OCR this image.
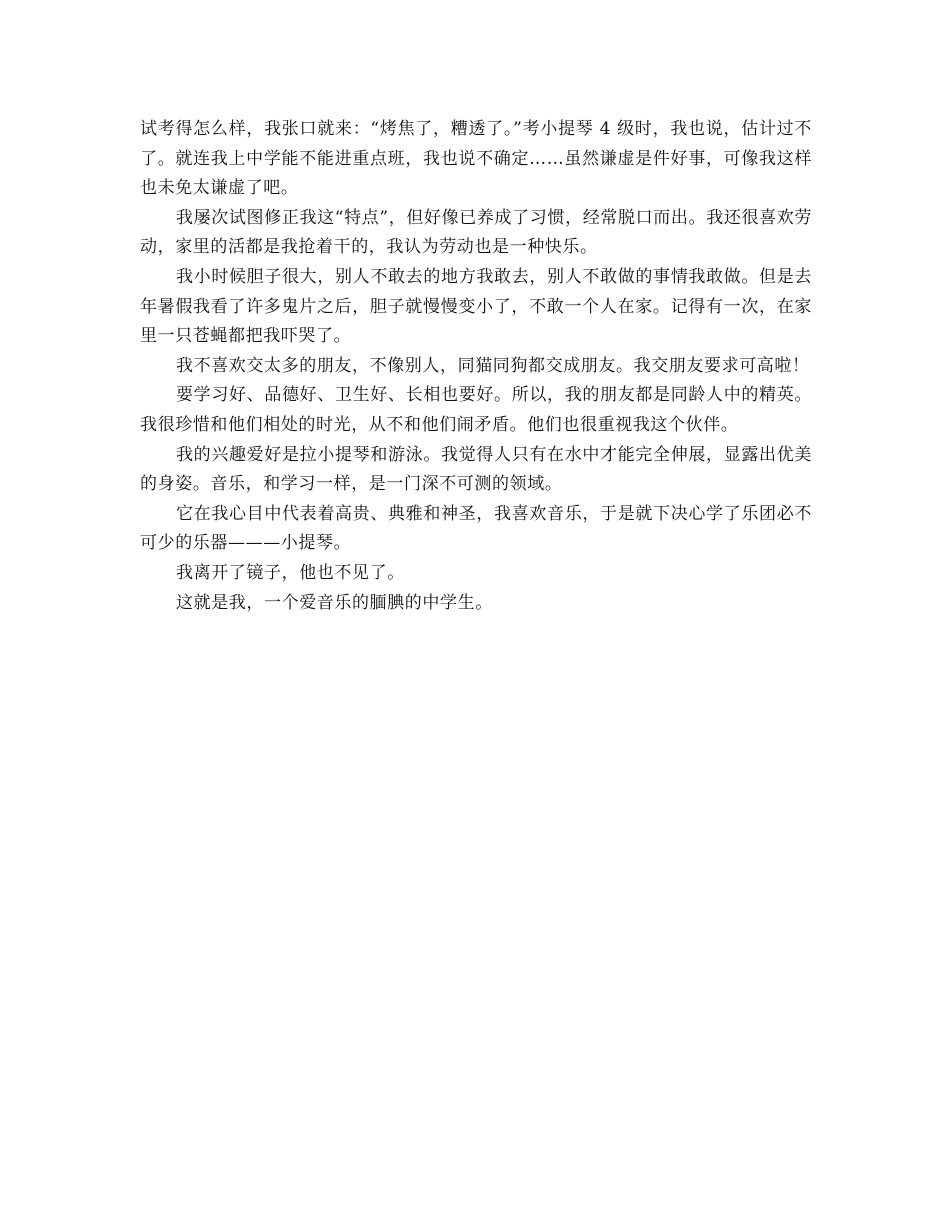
试考得怎么样，我张口就来：“烤焦了，糟透了。”考小提琴 4 级时，我也说，估计过不了。就连我上中学能不能进重点班，我也说不确定……虽然谦虚是件好事，可像我这样也未免太谦虚了吧。

我屡次试图修正我这“特点”，但好像已养成了习惯，经常脱口而出。我还很喜欢劳动，家里的活都是我抢着干的，我认为劳动也是一种快乐。

我小时候胆子很大，别人不敢去的地方我敢去，别人不敢做的事情我敢做。但是去年暑假我看了许多鬼片之后，胆子就慢慢变小了，不敢一个人在家。记得有一次，在家里一只苍蝇都把我吓哭了。

我不喜欢交太多的朋友，不像别人，同猫同狗都交成朋友。我交朋友要求可高啦！

要学习好、品德好、卫生好、长相也要好。所以，我的朋友都是同龄人中的精英。我很珍惜和他们相处的时光，从不和他们闹矛盾。他们也很重视我这个伙伴。

我的兴趣爱好是拉小提琴和游泳。我觉得人只有在水中才能完全伸展，显露出优美的身姿。音乐，和学习一样，是一门深不可测的领域。

它在我心目中代表着高贵、典雅和神圣，我喜欢音乐，于是就下决心学了乐团必不可少的乐器———小提琴。

我离开了镜子，他也不见了。

这就是我，一个爱音乐的腼腆的中学生。
